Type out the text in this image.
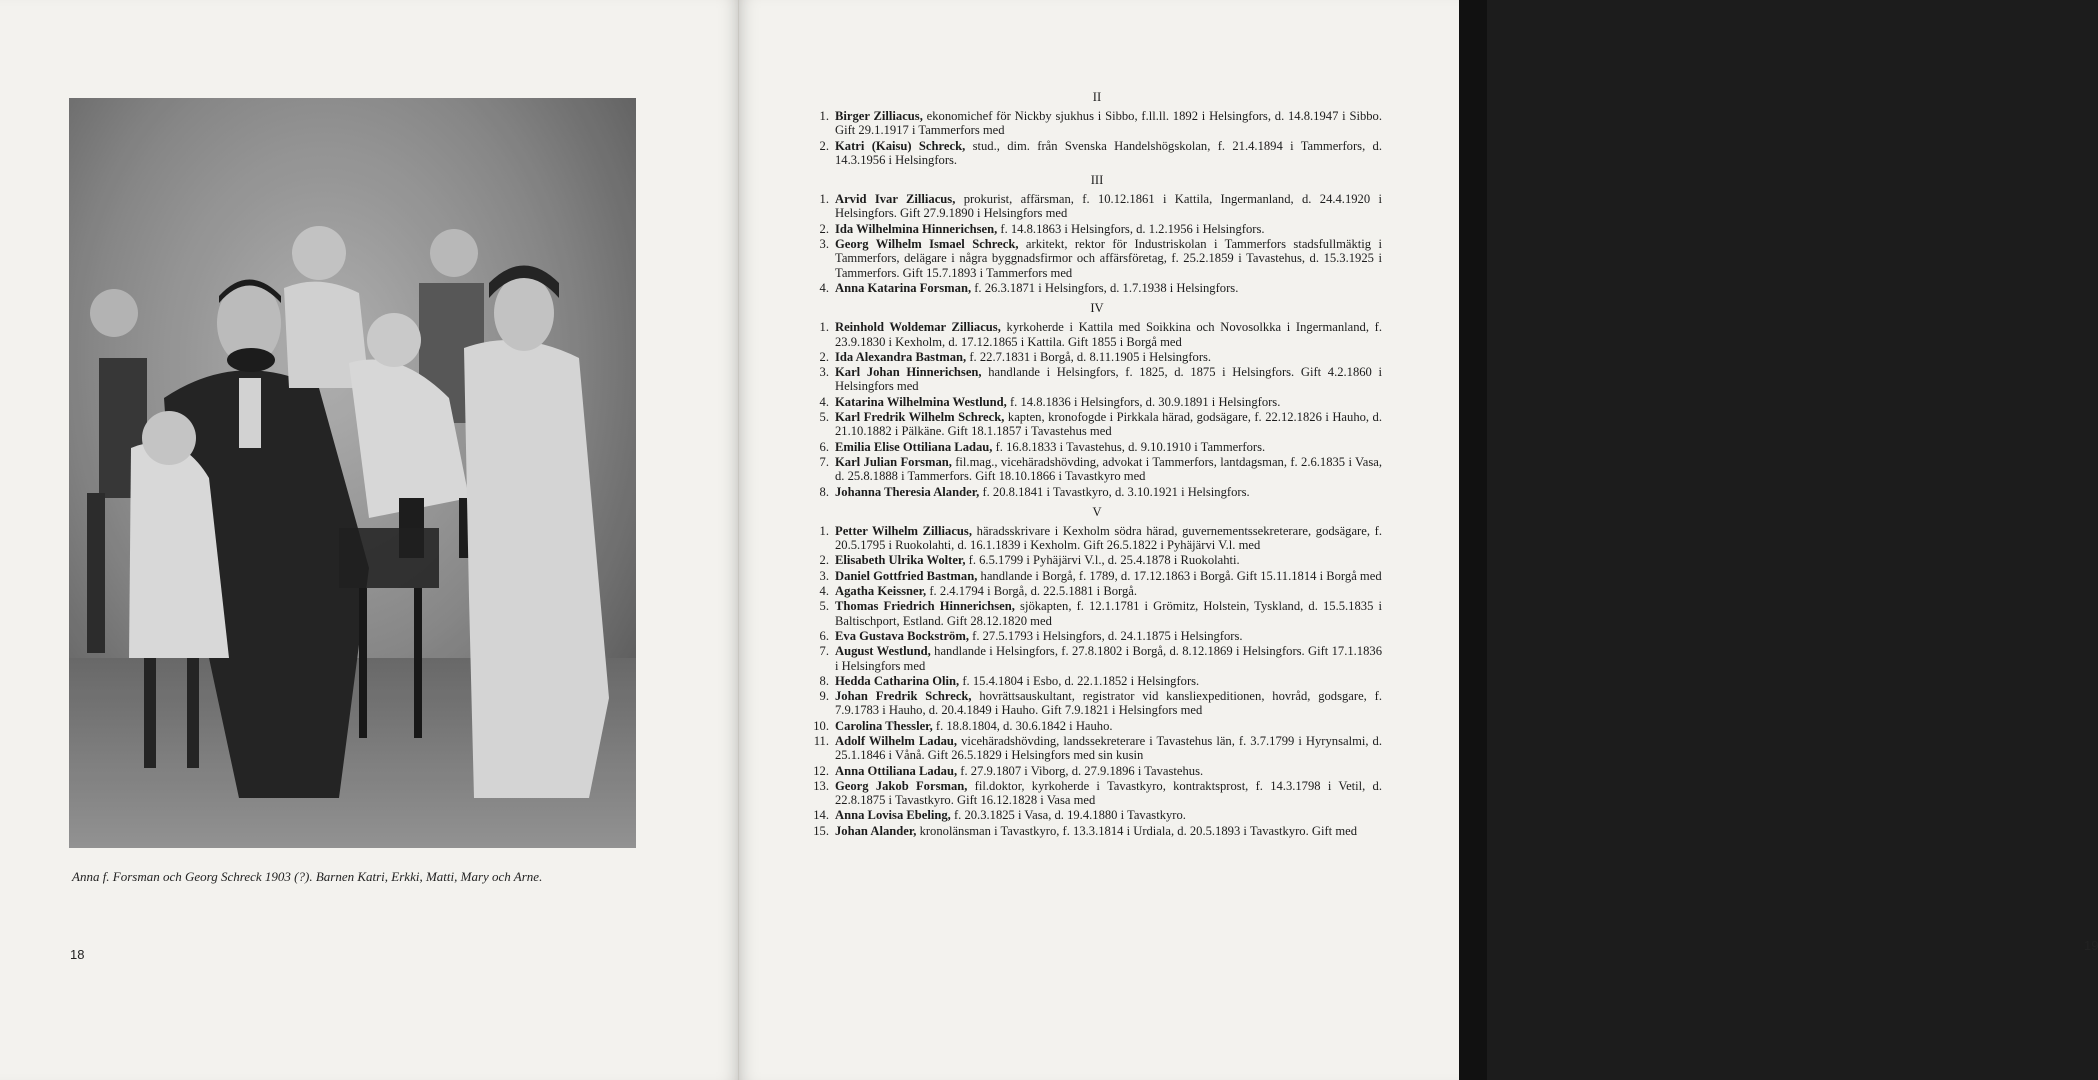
Anna f. Forsman och Georg Schreck 1903 (?). Barnen Katri, Erkki, Matti, Mary och Arne.
18
19
II
1. Birger Zilliacus, ekonomichef för Nickby sjukhus i Sibbo, f.ll.ll. 1892 i Helsingfors, d. 14.8.1947 i Sibbo. Gift 29.1.1917 i Tammerfors med
2. Katri (Kaisu) Schreck, stud., dim. från Svenska Handelshögskolan, f. 21.4.1894 i Tammerfors, d. 14.3.1956 i Helsingfors.
III
1. Arvid Ivar Zilliacus, prokurist, affärsman, f. 10.12.1861 i Kattila, Ingermanland, d. 24.4.1920 i Helsingfors. Gift 27.9.1890 i Helsingfors med
2. Ida Wilhelmina Hinnerichsen, f. 14.8.1863 i Helsingfors, d. 1.2.1956 i Helsingfors.
3. Georg Wilhelm Ismael Schreck, arkitekt, rektor för Industriskolan i Tammerfors stadsfullmäktig i Tammerfors, delägare i några byggnadsfirmor och affärsföretag, f. 25.2.1859 i Tavastehus, d. 15.3.1925 i Tammerfors. Gift 15.7.1893 i Tammerfors med
4. Anna Katarina Forsman, f. 26.3.1871 i Helsingfors, d. 1.7.1938 i Helsingfors.
IV
1. Reinhold Woldemar Zilliacus, kyrkoherde i Kattila med Soikkina och Novosolkka i Ingermanland, f. 23.9.1830 i Kexholm, d. 17.12.1865 i Kattila. Gift 1855 i Borgå med
2. Ida Alexandra Bastman, f. 22.7.1831 i Borgå, d. 8.11.1905 i Helsingfors.
3. Karl Johan Hinnerichsen, handlande i Helsingfors, f. 1825, d. 1875 i Helsingfors. Gift 4.2.1860 i Helsingfors med
4. Katarina Wilhelmina Westlund, f. 14.8.1836 i Helsingfors, d. 30.9.1891 i Helsingfors.
5. Karl Fredrik Wilhelm Schreck, kapten, kronofogde i Pirkkala härad, godsägare, f. 22.12.1826 i Hauho, d. 21.10.1882 i Pälkäne. Gift 18.1.1857 i Tavastehus med
6. Emilia Elise Ottiliana Ladau, f. 16.8.1833 i Tavastehus, d. 9.10.1910 i Tammerfors.
7. Karl Julian Forsman, fil.mag., vicehäradshövding, advokat i Tammerfors, lantdagsman, f. 2.6.1835 i Vasa, d. 25.8.1888 i Tammerfors. Gift 18.10.1866 i Tavastkyro med
8. Johanna Theresia Alander, f. 20.8.1841 i Tavastkyro, d. 3.10.1921 i Helsingfors.
V
1. Petter Wilhelm Zilliacus, häradsskrivare i Kexholm södra härad, guvernementssekreterare, godsägare, f. 20.5.1795 i Ruokolahti, d. 16.1.1839 i Kexholm. Gift 26.5.1822 i Pyhäjärvi V.l. med
2. Elisabeth Ulrika Wolter, f. 6.5.1799 i Pyhäjärvi V.l., d. 25.4.1878 i Ruokolahti.
3. Daniel Gottfried Bastman, handlande i Borgå, f. 1789, d. 17.12.1863 i Borgå. Gift 15.11.1814 i Borgå med
4. Agatha Keissner, f. 2.4.1794 i Borgå, d. 22.5.1881 i Borgå.
5. Thomas Friedrich Hinnerichsen, sjökapten, f. 12.1.1781 i Grömitz, Holstein, Tyskland, d. 15.5.1835 i Baltischport, Estland. Gift 28.12.1820 med
6. Eva Gustava Bockström, f. 27.5.1793 i Helsingfors, d. 24.1.1875 i Helsingfors.
7. August Westlund, handlande i Helsingfors, f. 27.8.1802 i Borgå, d. 8.12.1869 i Helsingfors. Gift 17.1.1836 i Helsingfors med
8. Hedda Catharina Olin, f. 15.4.1804 i Esbo, d. 22.1.1852 i Helsingfors.
9. Johan Fredrik Schreck, hovrättsauskultant, registrator vid kansliexpeditionen, hovråd, godsgare, f. 7.9.1783 i Hauho, d. 20.4.1849 i Hauho. Gift 7.9.1821 i Helsingfors med
10. Carolina Thessler, f. 18.8.1804, d. 30.6.1842 i Hauho.
11. Adolf Wilhelm Ladau, vicehäradshövding, landssekreterare i Tavastehus län, f. 3.7.1799 i Hyrynsalmi, d. 25.1.1846 i Vånå. Gift 26.5.1829 i Helsingfors med sin kusin
12. Anna Ottiliana Ladau, f. 27.9.1807 i Viborg, d. 27.9.1896 i Tavastehus.
13. Georg Jakob Forsman, fil.doktor, kyrkoherde i Tavastkyro, kontraktsprost, f. 14.3.1798 i Vetil, d. 22.8.1875 i Tavastkyro. Gift 16.12.1828 i Vasa med
14. Anna Lovisa Ebeling, f. 20.3.1825 i Vasa, d. 19.4.1880 i Tavastkyro.
15. Johan Alander, kronolänsman i Tavastkyro, f. 13.3.1814 i Urdiala, d. 20.5.1893 i Tavastkyro. Gift med
